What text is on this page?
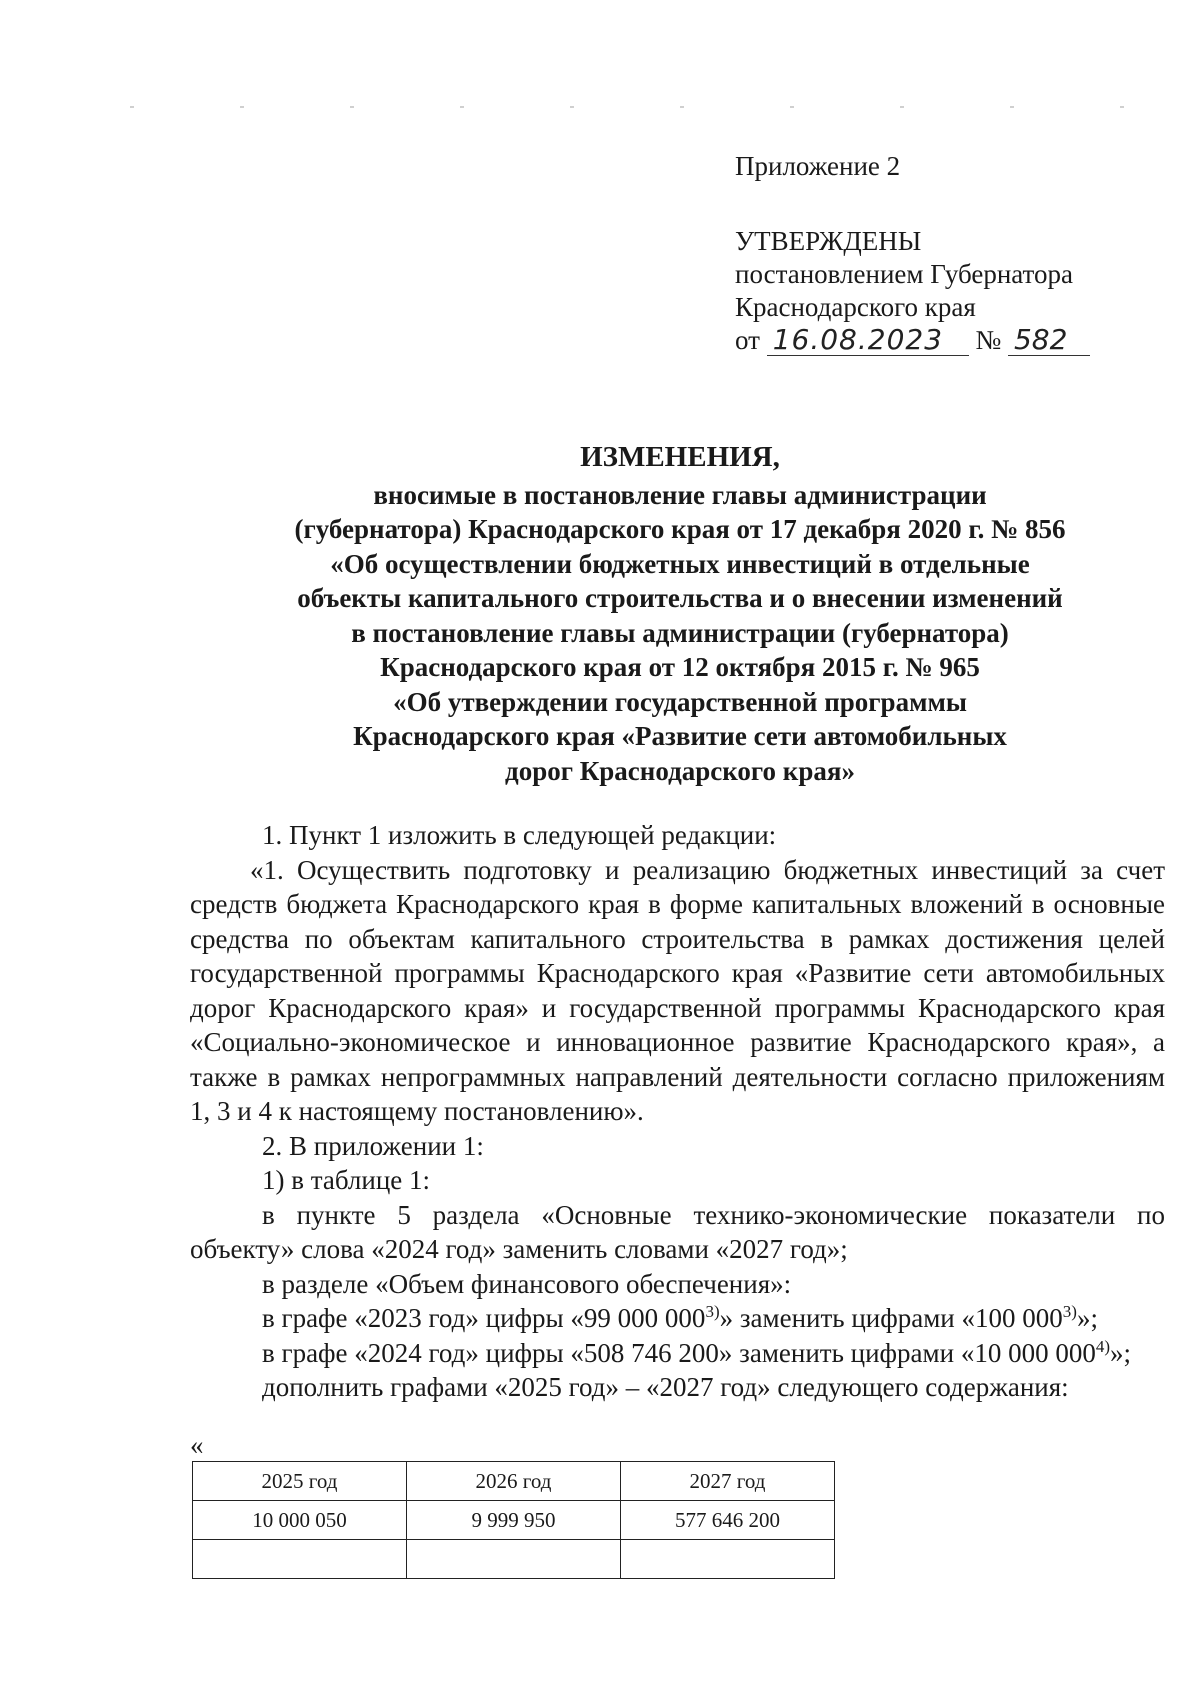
Приложение 2
УТВЕРЖДЕНЫ
постановлением Губернатора
Краснодарского края
от 16.08.2023 № 582
ИЗМЕНЕНИЯ,
вносимые в постановление главы администрации
(губернатора) Краснодарского края от 17 декабря 2020 г. № 856
«Об осуществлении бюджетных инвестиций в отдельные
объекты капитального строительства и о внесении изменений
в постановление главы администрации (губернатора)
Краснодарского края от 12 октября 2015 г. № 965
«Об утверждении государственной программы
Краснодарского края «Развитие сети автомобильных
дорог Краснодарского края»

1. Пункт 1 изложить в следующей редакции:

«1. Осуществить подготовку и реализацию бюджетных инвестиций за счет средств бюджета Краснодарского края в форме капитальных вложений в основные средства по объектам капитального строительства в рамках достижения целей государственной программы Краснодарского края «Развитие сети автомобильных дорог Краснодарского края» и государственной программы Краснодарского края «Социально-экономическое и инновационное развитие Краснодарского края», а также в рамках непрограммных направлений деятельности согласно приложениям 1, 3 и 4 к настоящему постановлению».

2. В приложении 1:

1) в таблице 1:

в пункте 5 раздела «Основные технико-экономические показатели по объекту» слова «2024 год» заменить словами «2027 год»;

в разделе «Объем финансового обеспечения»:

в графе «2023 год» цифры «99 000 000$^{3)}$» заменить цифрами «100 000$^{3)}$»;

в графе «2024 год» цифры «508 746 200» заменить цифрами «10 000 000$^{4)}$»;

дополнить графами «2025 год» – «2027 год» следующего содержания:

«
2025 год	2026 год	2027 год
10 000 050	9 999 950	577 646 200
